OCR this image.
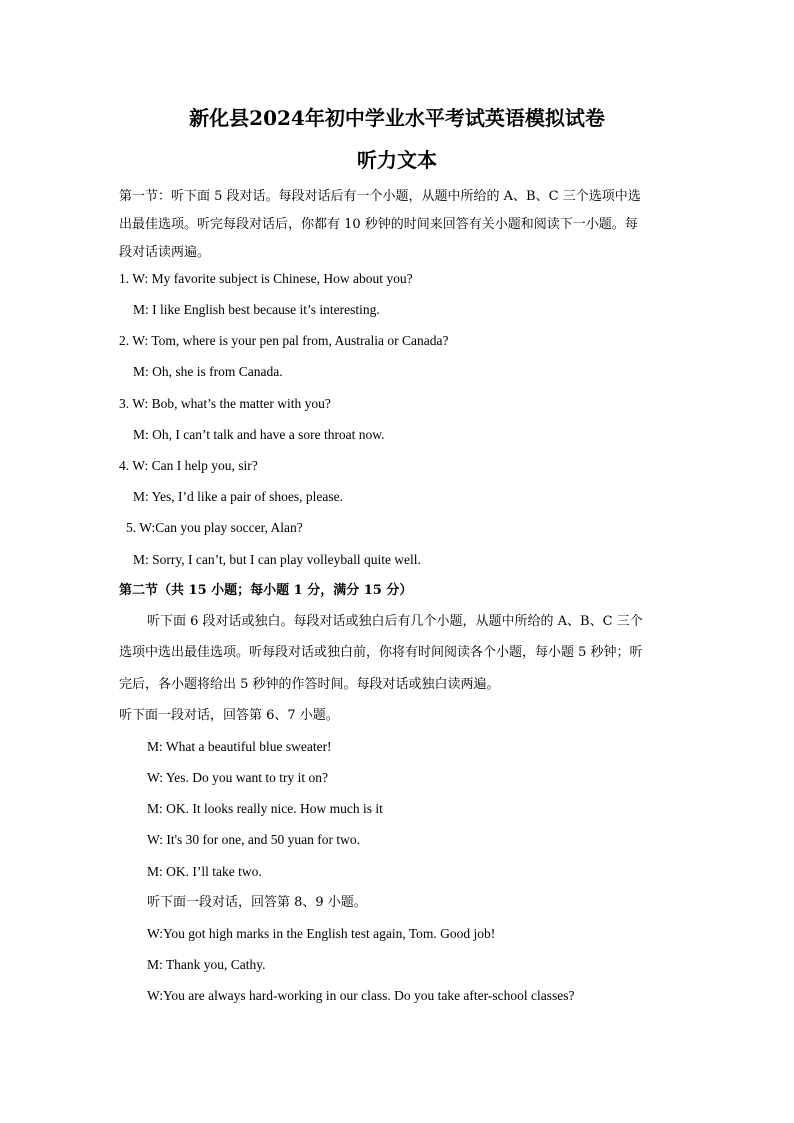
新化县2024年初中学业水平考试英语模拟试卷
听力文本
第一节：听下面 5 段对话。每段对话后有一个小题，从题中所给的 A、B、C 三个选项中选
出最佳选项。听完每段对话后，你都有 10 秒钟的时间来回答有关小题和阅读下一小题。每
段对话读两遍。
1. W: My favorite subject is Chinese, How about you?
M: I like English best because it’s interesting.
2. W: Tom, where is your pen pal from, Australia or Canada?
M: Oh, she is from Canada.
3. W: Bob, what’s the matter with you?
M: Oh, I can’t talk and have a sore throat now.
4. W: Can I help you, sir?
M: Yes, I’d like a pair of shoes, please.
5. W:Can you play soccer, Alan?
M: Sorry, I can’t, but I can play volleyball quite well.
第二节（共 15 小题；每小题 1 分，满分 15 分）
听下面 6 段对话或独白。每段对话或独白后有几个小题，从题中所给的 A、B、C 三个
选项中选出最佳选项。听每段对话或独白前，你将有时间阅读各个小题，每小题 5 秒钟；听
完后，各小题将给出 5 秒钟的作答时间。每段对话或独白读两遍。
听下面一段对话，回答第 6、7 小题。
M: What a beautiful blue sweater!
W: Yes. Do you want to try it on?
M: OK. It looks really nice. How much is it
W: It's 30 for one, and 50 yuan for two.
M: OK. I’ll take two.
听下面一段对话，回答第 8、9 小题。
W:You got high marks in the English test again, Tom. Good job!
M: Thank you, Cathy.
W:You are always hard-working in our class. Do you take after-school classes?
